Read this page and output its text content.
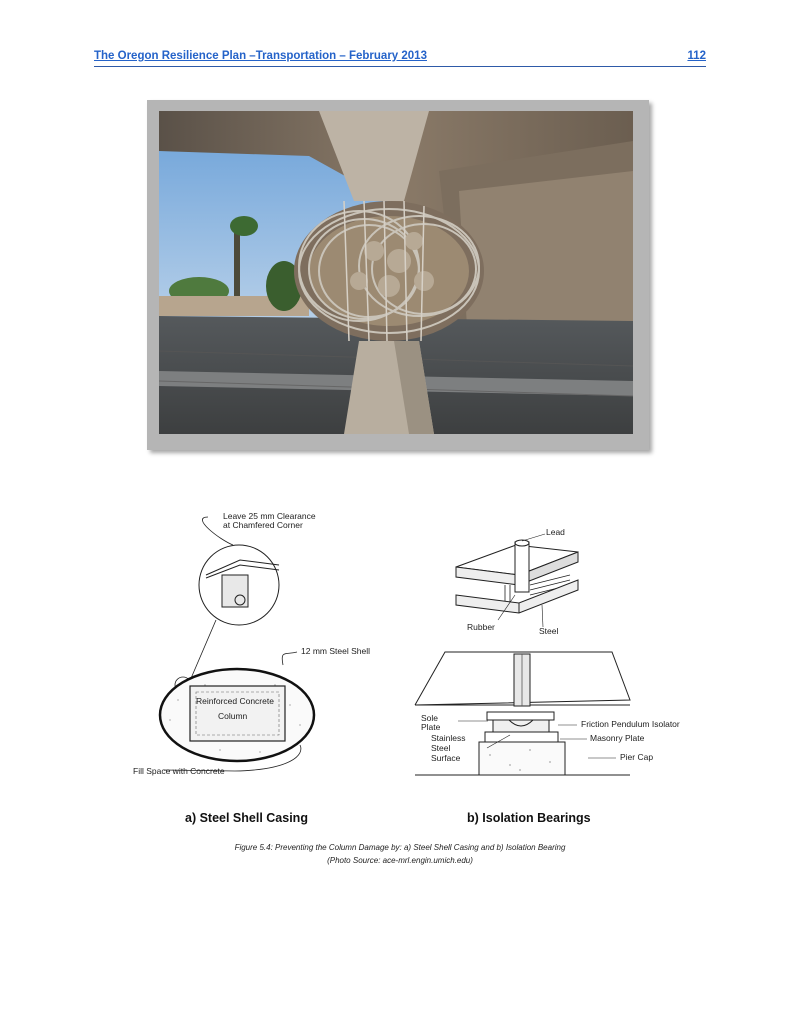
The Oregon Resilience Plan –Transportation – February 2013	112
Leave 25 mm Clearance
at Chamfered Corner
12 mm Steel Shell
Reinforced Concrete
Column
Fill Space with Concrete
Lead
Rubber	Steel
Sole
Plate
Stainless
Steel
Surface
Friction Pendulum Isolator
Masonry Plate
Pier Cap
a) Steel Shell Casing	b) Isolation Bearings
Figure 5.4: Preventing the Column Damage by: a) Steel Shell Casing and b) Isolation Bearing
(Photo Source: ace-mrl.engin.umich.edu)
